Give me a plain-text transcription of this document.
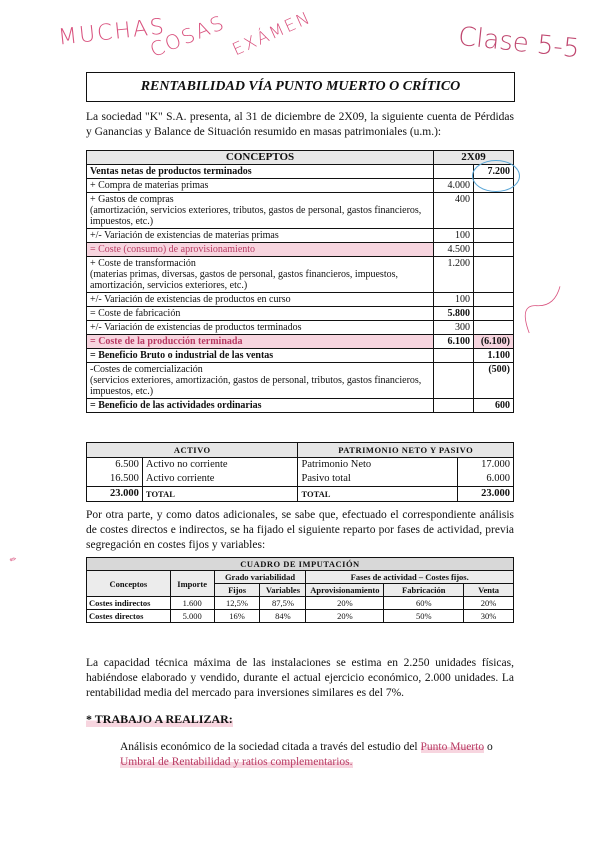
MUCHAS
COSAS EXÁMEN	Clase 5-5
RENTABILIDAD VÍA PUNTO MUERTO O CRÍTICO
La sociedad "K" S.A. presenta, al 31 de diciembre de 2X09, la siguiente cuenta de Pérdidas y Ganancias y Balance de Situación resumido en masas patrimoniales (u.m.):
CONCEPTOS	2X09	
Ventas netas de productos terminados		7.200
+ Compra de materias primas	4.000	
+ Gastos de compras
(amortización, servicios exteriores, tributos, gastos de personal, gastos financieros, impuestos, etc.)	400	
+/- Variación de existencias de materias primas	100	
= Coste (consumo) de aprovisionamiento	4.500	
+ Coste de transformación
(materias primas, diversas, gastos de personal, gastos financieros, impuestos, amortización, servicios exteriores, etc.)	1.200	
+/- Variación de existencias de productos en curso	100	
= Coste de fabricación	5.800	
+/- Variación de existencias de productos terminados	300	
= Coste de la producción terminada	6.100	(6.100)
= Beneficio Bruto o industrial de las ventas		1.100
-Costes de comercialización
(servicios exteriores, amortización, gastos de personal, tributos, gastos financieros, impuestos, etc.)		(500)
= Beneficio de las actividades ordinarias		600
ACTIVO		PATRIMONIO NETO Y PASIVO	
6.500	Activo no corriente	Patrimonio Neto	17.000
16.500	Activo corriente	Pasivo total	6.000
23.000	TOTAL	TOTAL	23.000
Por otra parte, y como datos adicionales, se sabe que, efectuado el correspondiente análisis de costes directos e indirectos, se ha fijado el siguiente reparto por fases de actividad, previa segregación en costes fijos y variables:
✎	CUADRO DE IMPUTACIÓN						
Conceptos	Importe	Grado variabilidad		Fases de actividad – Costes fijos.		
		Fijos	Variables	Aprovisionamiento	Fabricación	Venta
Costes indirectos	1.600	12,5%	87,5%	20%	60%	20%
Costes directos	5.000	16%	84%	20%	50%	30%
La capacidad técnica máxima de las instalaciones se estima en 2.250 unidades físicas, habiéndose elaborado y vendido, durante el actual ejercicio económico, 2.000 unidades. La rentabilidad media del mercado para inversiones similares es del 7%.
* TRABAJO A REALIZAR:
Análisis económico de la sociedad citada a través del estudio del Punto Muerto o Umbral de Rentabilidad y ratios complementarios.
